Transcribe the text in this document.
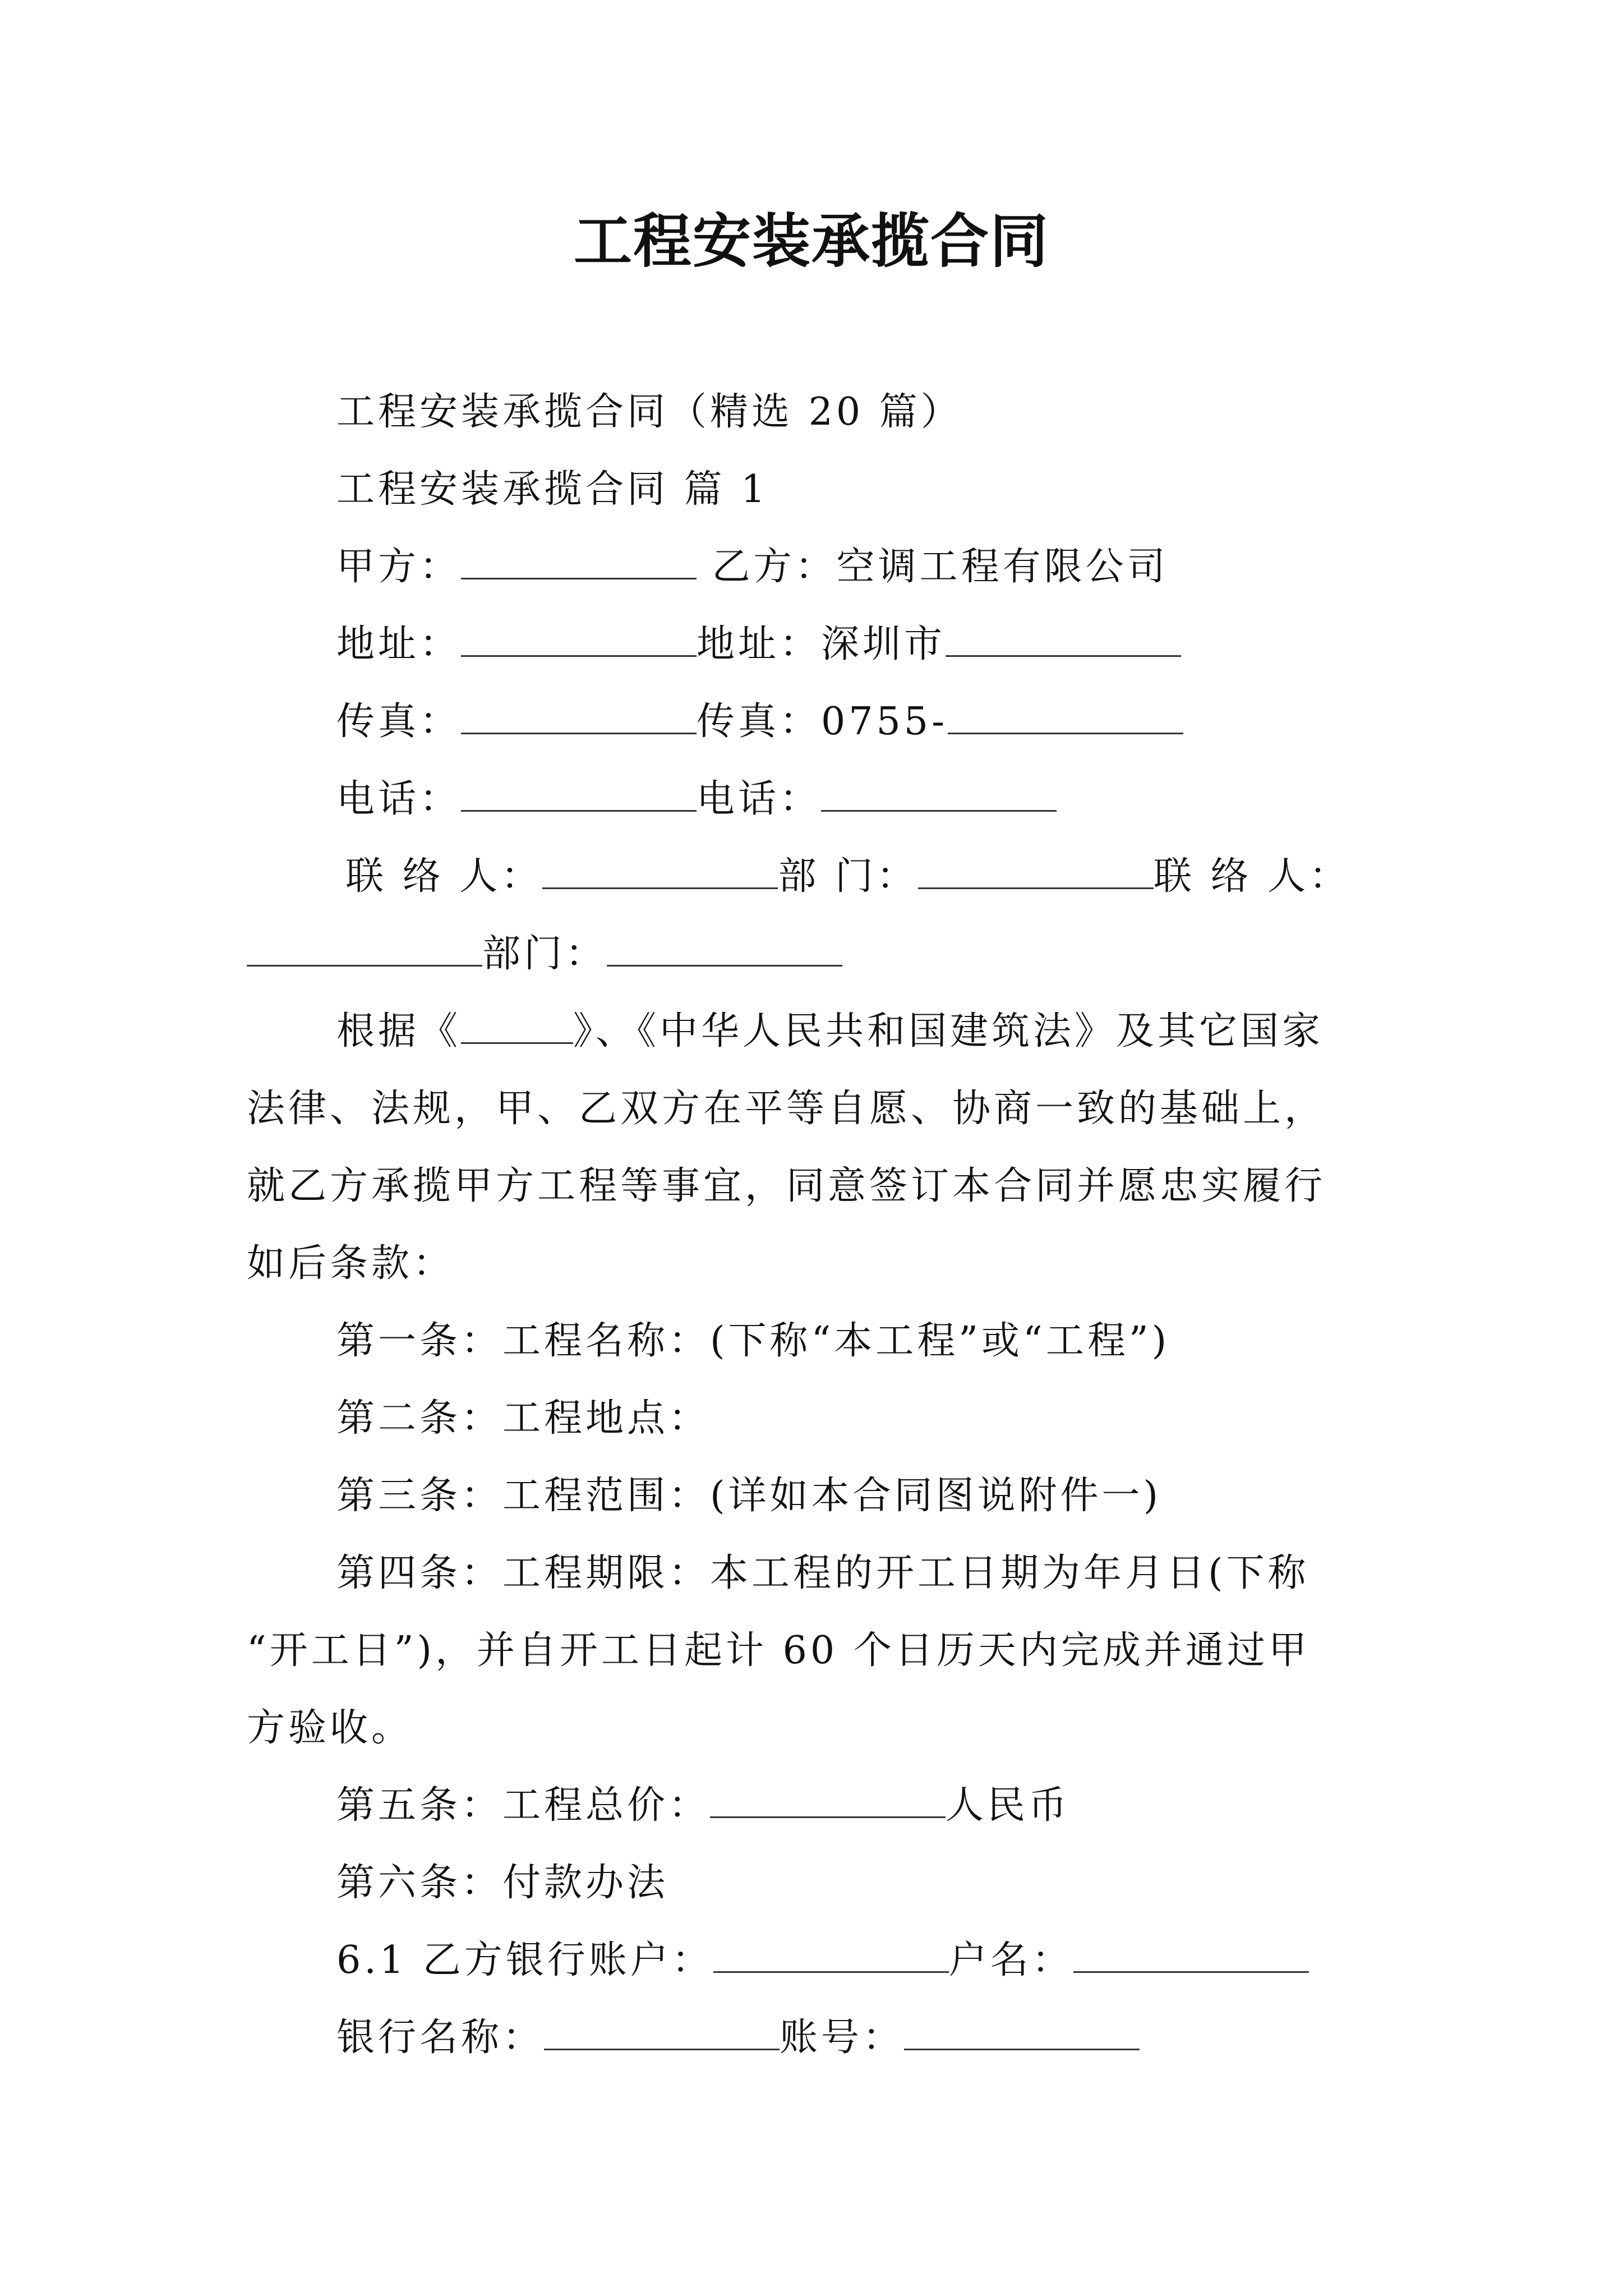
工程安装承揽合同
工程安装承揽合同（精选 20 篇）
工程安装承揽合同 篇 1
甲方：	乙方：空调工程有限公司
地址：	地址：深圳市
传真：	传真：0755-
电话：	电话：
联 络 人：	部 门：	联 络 人：
部门：
根据《	》、《中华人民共和国建筑法》及其它国家
法律、法规，甲、乙双方在平等自愿、协商一致的基础上，
就乙方承揽甲方工程等事宜，同意签订本合同并愿忠实履行
如后条款：
第一条：工程名称：(下称“本工程”或“工程”)
第二条：工程地点：
第三条：工程范围：(详如本合同图说附件一)
第四条：工程期限：本工程的开工日期为年月日(下称
“开工日”)，并自开工日起计 60 个日历天内完成并通过甲
方验收。
第五条：工程总价：	人民币
第六条：付款办法
6.1 乙方银行账户：	户名：
银行名称：	账号：
